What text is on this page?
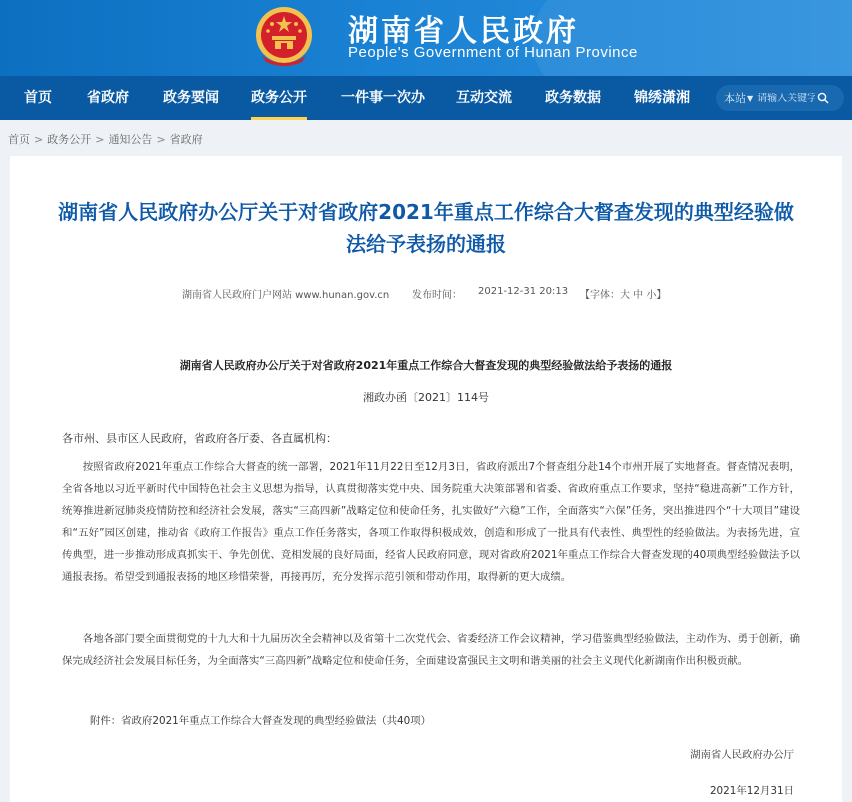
湖南省人民政府
People's Government of Hunan Province
首页	省政府 政务要闻 政务公开 一件事一次办 互动交流 政务数据 锦绣潇湘	本站 ▼
请输入关键字
首页 > 政务公开 > 通知公告 > 省政府
湖南省人民政府办公厅关于对省政府2021年重点工作综合大督查发现的典型经验做法给予表扬的通报
湖南省人民政府门户网站 www.hunan.gov.cn 发布时间： 2021-12-31 20:13 【字体：大 中 小】
湖南省人民政府办公厅关于对省政府2021年重点工作综合大督查发现的典型经验做法给予表扬的通报
湘政办函〔2021〕114号
各市州、县市区人民政府，省政府各厅委、各直属机构：

按照省政府2021年重点工作综合大督查的统一部署，2021年11月22日至12月3日，省政府派出7个督查组分赴14个市州开展了实地督查。督查情况表明，全省各地以习近平新时代中国特色社会主义思想为指导，认真贯彻落实党中央、国务院重大决策部署和省委、省政府重点工作要求，坚持“稳进高新”工作方针，统筹推进新冠肺炎疫情防控和经济社会发展，落实“三高四新”战略定位和使命任务，扎实做好“六稳”工作，全面落实“六保”任务，突出推进四个“十大项目”建设和“五好”园区创建，推动省《政府工作报告》重点工作任务落实，各项工作取得积极成效，创造和形成了一批具有代表性、典型性的经验做法。为表扬先进，宣传典型，进一步推动形成真抓实干、争先创优、竞相发展的良好局面，经省人民政府同意，现对省政府2021年重点工作综合大督查发现的40项典型经验做法予以通报表扬。希望受到通报表扬的地区珍惜荣誉，再接再厉，充分发挥示范引领和带动作用，取得新的更大成绩。

各地各部门要全面贯彻党的十九大和十九届历次全会精神以及省第十二次党代会、省委经济工作会议精神，学习借鉴典型经验做法，主动作为、勇于创新，确保完成经济社会发展目标任务，为全面落实“三高四新”战略定位和使命任务，全面建设富强民主文明和谐美丽的社会主义现代化新湖南作出积极贡献。

附件：省政府2021年重点工作综合大督查发现的典型经验做法（共40项）
湖南省人民政府办公厅
2021年12月31日
